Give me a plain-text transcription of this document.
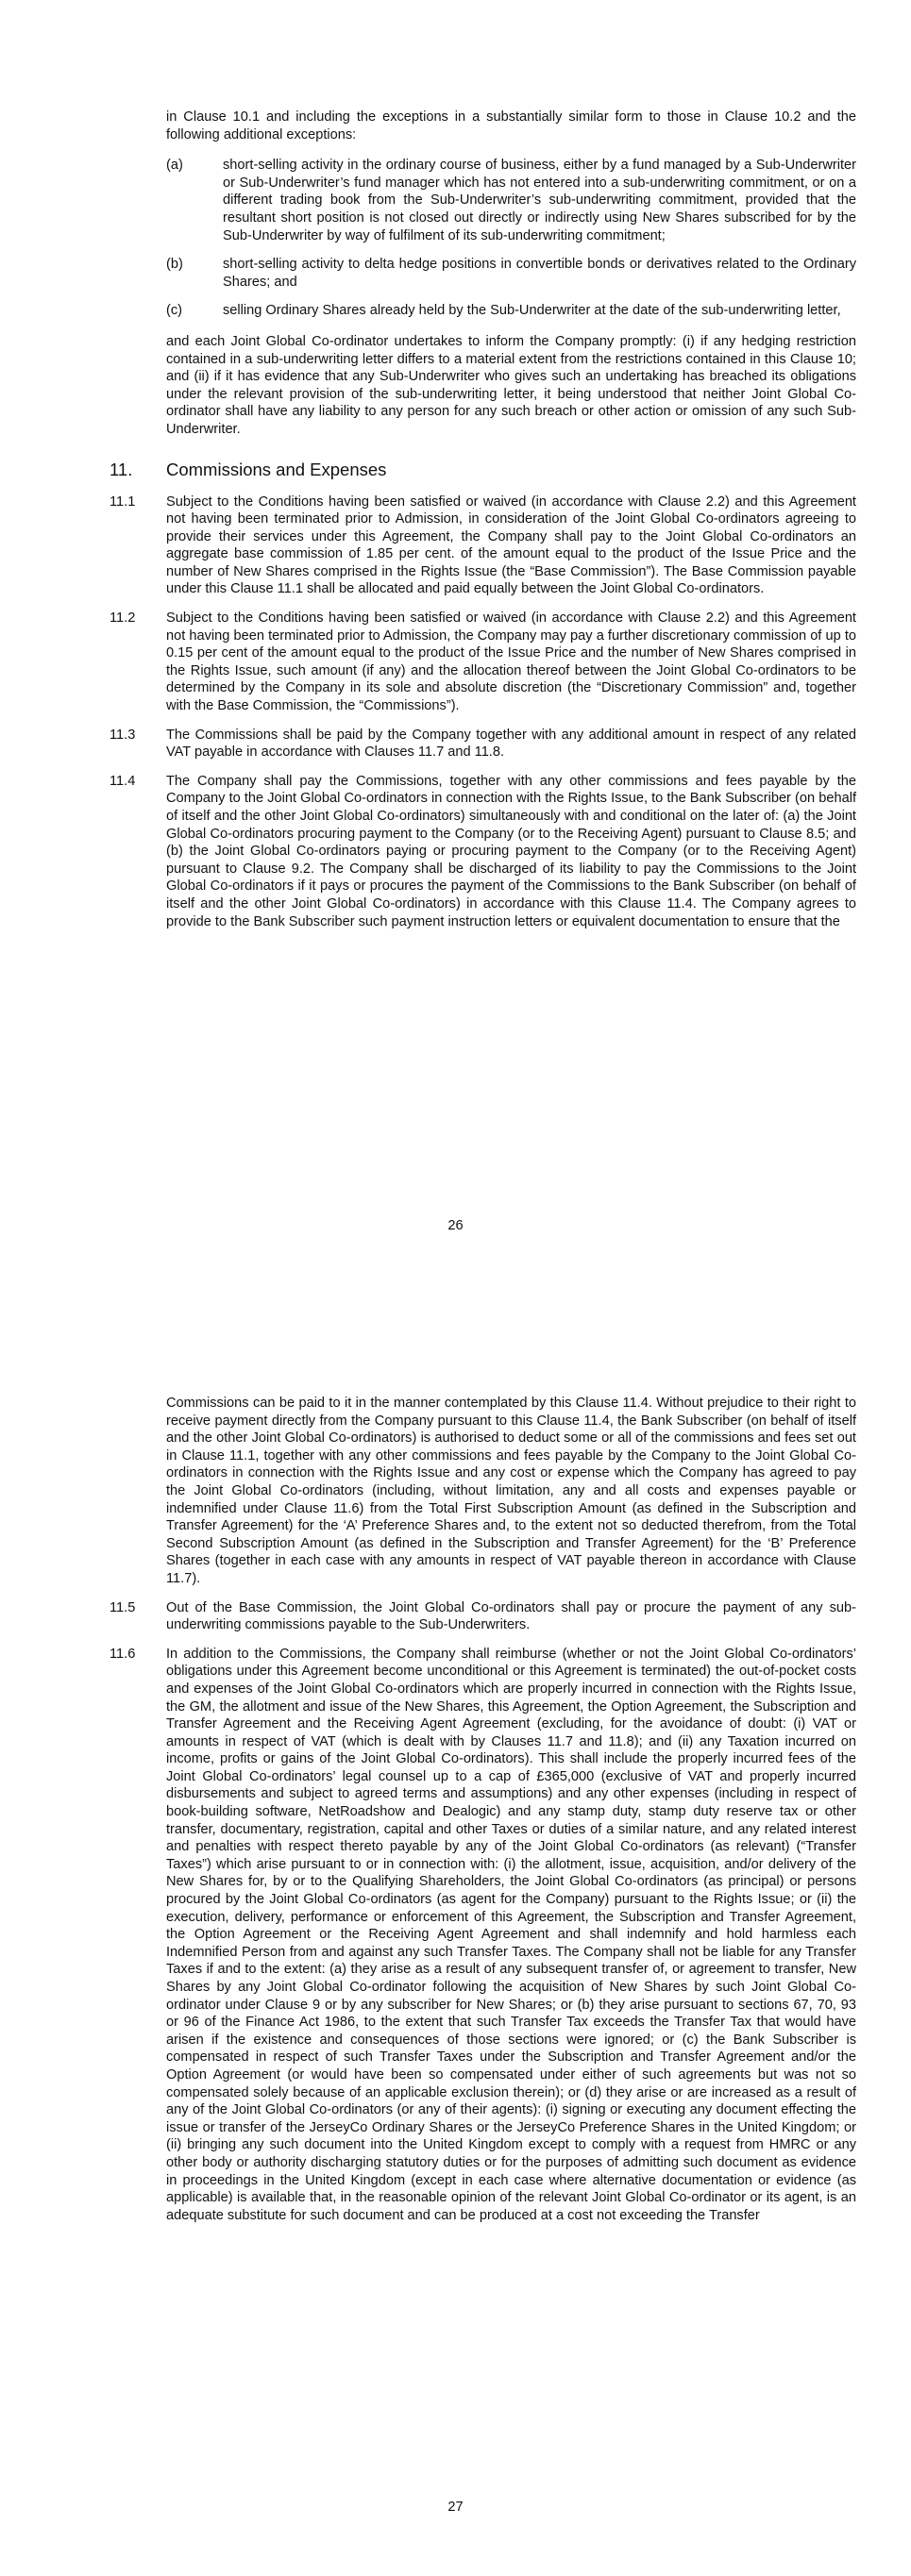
in Clause 10.1 and including the exceptions in a substantially similar form to those in Clause 10.2 and the following additional exceptions:

(a)	short-selling activity in the ordinary course of business, either by a fund managed by a Sub-Underwriter or Sub-Underwriter’s fund manager which has not entered into a sub-underwriting commitment, or on a different trading book from the Sub-Underwriter’s sub-underwriting commitment, provided that the resultant short position is not closed out directly or indirectly using New Shares subscribed for by the Sub-Underwriter by way of fulfilment of its sub-underwriting commitment;
(b)	short-selling activity to delta hedge positions in convertible bonds or derivatives related to the Ordinary Shares; and
(c)	selling Ordinary Shares already held by the Sub-Underwriter at the date of the sub-underwriting letter,

and each Joint Global Co-ordinator undertakes to inform the Company promptly: (i) if any hedging restriction contained in a sub-underwriting letter differs to a material extent from the restrictions contained in this Clause 10; and (ii) if it has evidence that any Sub-Underwriter who gives such an undertaking has breached its obligations under the relevant provision of the sub-underwriting letter, it being understood that neither Joint Global Co-ordinator shall have any liability to any person for any such breach or other action or omission of any such Sub-Underwriter.

11. Commissions and Expenses
11.1 Subject to the Conditions having been satisfied or waived (in accordance with Clause 2.2) and this Agreement not having been terminated prior to Admission, in consideration of the Joint Global Co-ordinators agreeing to provide their services under this Agreement, the Company shall pay to the Joint Global Co-ordinators an aggregate base commission of 1.85 per cent. of the amount equal to the product of the Issue Price and the number of New Shares comprised in the Rights Issue (the “Base Commission”). The Base Commission payable under this Clause 11.1 shall be allocated and paid equally between the Joint Global Co-ordinators.
11.2 Subject to the Conditions having been satisfied or waived (in accordance with Clause 2.2) and this Agreement not having been terminated prior to Admission, the Company may pay a further discretionary commission of up to 0.15 per cent of the amount equal to the product of the Issue Price and the number of New Shares comprised in the Rights Issue, such amount (if any) and the allocation thereof between the Joint Global Co-ordinators to be determined by the Company in its sole and absolute discretion (the “Discretionary Commission” and, together with the Base Commission, the “Commissions”).
11.3 The Commissions shall be paid by the Company together with any additional amount in respect of any related VAT payable in accordance with Clauses 11.7 and 11.8.
11.4 The Company shall pay the Commissions, together with any other commissions and fees payable by the Company to the Joint Global Co-ordinators in connection with the Rights Issue, to the Bank Subscriber (on behalf of itself and the other Joint Global Co-ordinators) simultaneously with and conditional on the later of: (a) the Joint Global Co-ordinators procuring payment to the Company (or to the Receiving Agent) pursuant to Clause 8.5; and (b) the Joint Global Co-ordinators paying or procuring payment to the Company (or to the Receiving Agent) pursuant to Clause 9.2. The Company shall be discharged of its liability to pay the Commissions to the Joint Global Co-ordinators if it pays or procures the payment of the Commissions to the Bank Subscriber (on behalf of itself and the other Joint Global Co-ordinators) in accordance with this Clause 11.4. The Company agrees to provide to the Bank Subscriber such payment instruction letters or equivalent documentation to ensure that the
26

Commissions can be paid to it in the manner contemplated by this Clause 11.4. Without prejudice to their right to receive payment directly from the Company pursuant to this Clause 11.4, the Bank Subscriber (on behalf of itself and the other Joint Global Co-ordinators) is authorised to deduct some or all of the commissions and fees set out in Clause 11.1, together with any other commissions and fees payable by the Company to the Joint Global Co-ordinators in connection with the Rights Issue and any cost or expense which the Company has agreed to pay the Joint Global Co-ordinators (including, without limitation, any and all costs and expenses payable or indemnified under Clause 11.6) from the Total First Subscription Amount (as defined in the Subscription and Transfer Agreement) for the ‘A’ Preference Shares and, to the extent not so deducted therefrom, from the Total Second Subscription Amount (as defined in the Subscription and Transfer Agreement) for the ‘B’ Preference Shares (together in each case with any amounts in respect of VAT payable thereon in accordance with Clause 11.7).

11.5 Out of the Base Commission, the Joint Global Co-ordinators shall pay or procure the payment of any sub-underwriting commissions payable to the Sub-Underwriters.
11.6 In addition to the Commissions, the Company shall reimburse (whether or not the Joint Global Co-ordinators’ obligations under this Agreement become unconditional or this Agreement is terminated) the out-of-pocket costs and expenses of the Joint Global Co-ordinators which are properly incurred in connection with the Rights Issue, the GM, the allotment and issue of the New Shares, this Agreement, the Option Agreement, the Subscription and Transfer Agreement and the Receiving Agent Agreement (excluding, for the avoidance of doubt: (i) VAT or amounts in respect of VAT (which is dealt with by Clauses 11.7 and 11.8); and (ii) any Taxation incurred on income, profits or gains of the Joint Global Co-ordinators). This shall include the properly incurred fees of the Joint Global Co-ordinators’ legal counsel up to a cap of £365,000 (exclusive of VAT and properly incurred disbursements and subject to agreed terms and assumptions) and any other expenses (including in respect of book-building software, NetRoadshow and Dealogic) and any stamp duty, stamp duty reserve tax or other transfer, documentary, registration, capital and other Taxes or duties of a similar nature, and any related interest and penalties with respect thereto payable by any of the Joint Global Co-ordinators (as relevant) (“Transfer Taxes”) which arise pursuant to or in connection with: (i) the allotment, issue, acquisition, and/or delivery of the New Shares for, by or to the Qualifying Shareholders, the Joint Global Co-ordinators (as principal) or persons procured by the Joint Global Co-ordinators (as agent for the Company) pursuant to the Rights Issue; or (ii) the execution, delivery, performance or enforcement of this Agreement, the Subscription and Transfer Agreement, the Option Agreement or the Receiving Agent Agreement and shall indemnify and hold harmless each Indemnified Person from and against any such Transfer Taxes. The Company shall not be liable for any Transfer Taxes if and to the extent: (a) they arise as a result of any subsequent transfer of, or agreement to transfer, New Shares by any Joint Global Co-ordinator following the acquisition of New Shares by such Joint Global Co-ordinator under Clause 9 or by any subscriber for New Shares; or (b) they arise pursuant to sections 67, 70, 93 or 96 of the Finance Act 1986, to the extent that such Transfer Tax exceeds the Transfer Tax that would have arisen if the existence and consequences of those sections were ignored; or (c) the Bank Subscriber is compensated in respect of such Transfer Taxes under the Subscription and Transfer Agreement and/or the Option Agreement (or would have been so compensated under either of such agreements but was not so compensated solely because of an applicable exclusion therein); or (d) they arise or are increased as a result of any of the Joint Global Co-ordinators (or any of their agents): (i) signing or executing any document effecting the issue or transfer of the JerseyCo Ordinary Shares or the JerseyCo Preference Shares in the United Kingdom; or (ii) bringing any such document into the United Kingdom except to comply with a request from HMRC or any other body or authority discharging statutory duties or for the purposes of admitting such document as evidence in proceedings in the United Kingdom (except in each case where alternative documentation or evidence (as applicable) is available that, in the reasonable opinion of the relevant Joint Global Co-ordinator or its agent, is an adequate substitute for such document and can be produced at a cost not exceeding the Transfer
27
